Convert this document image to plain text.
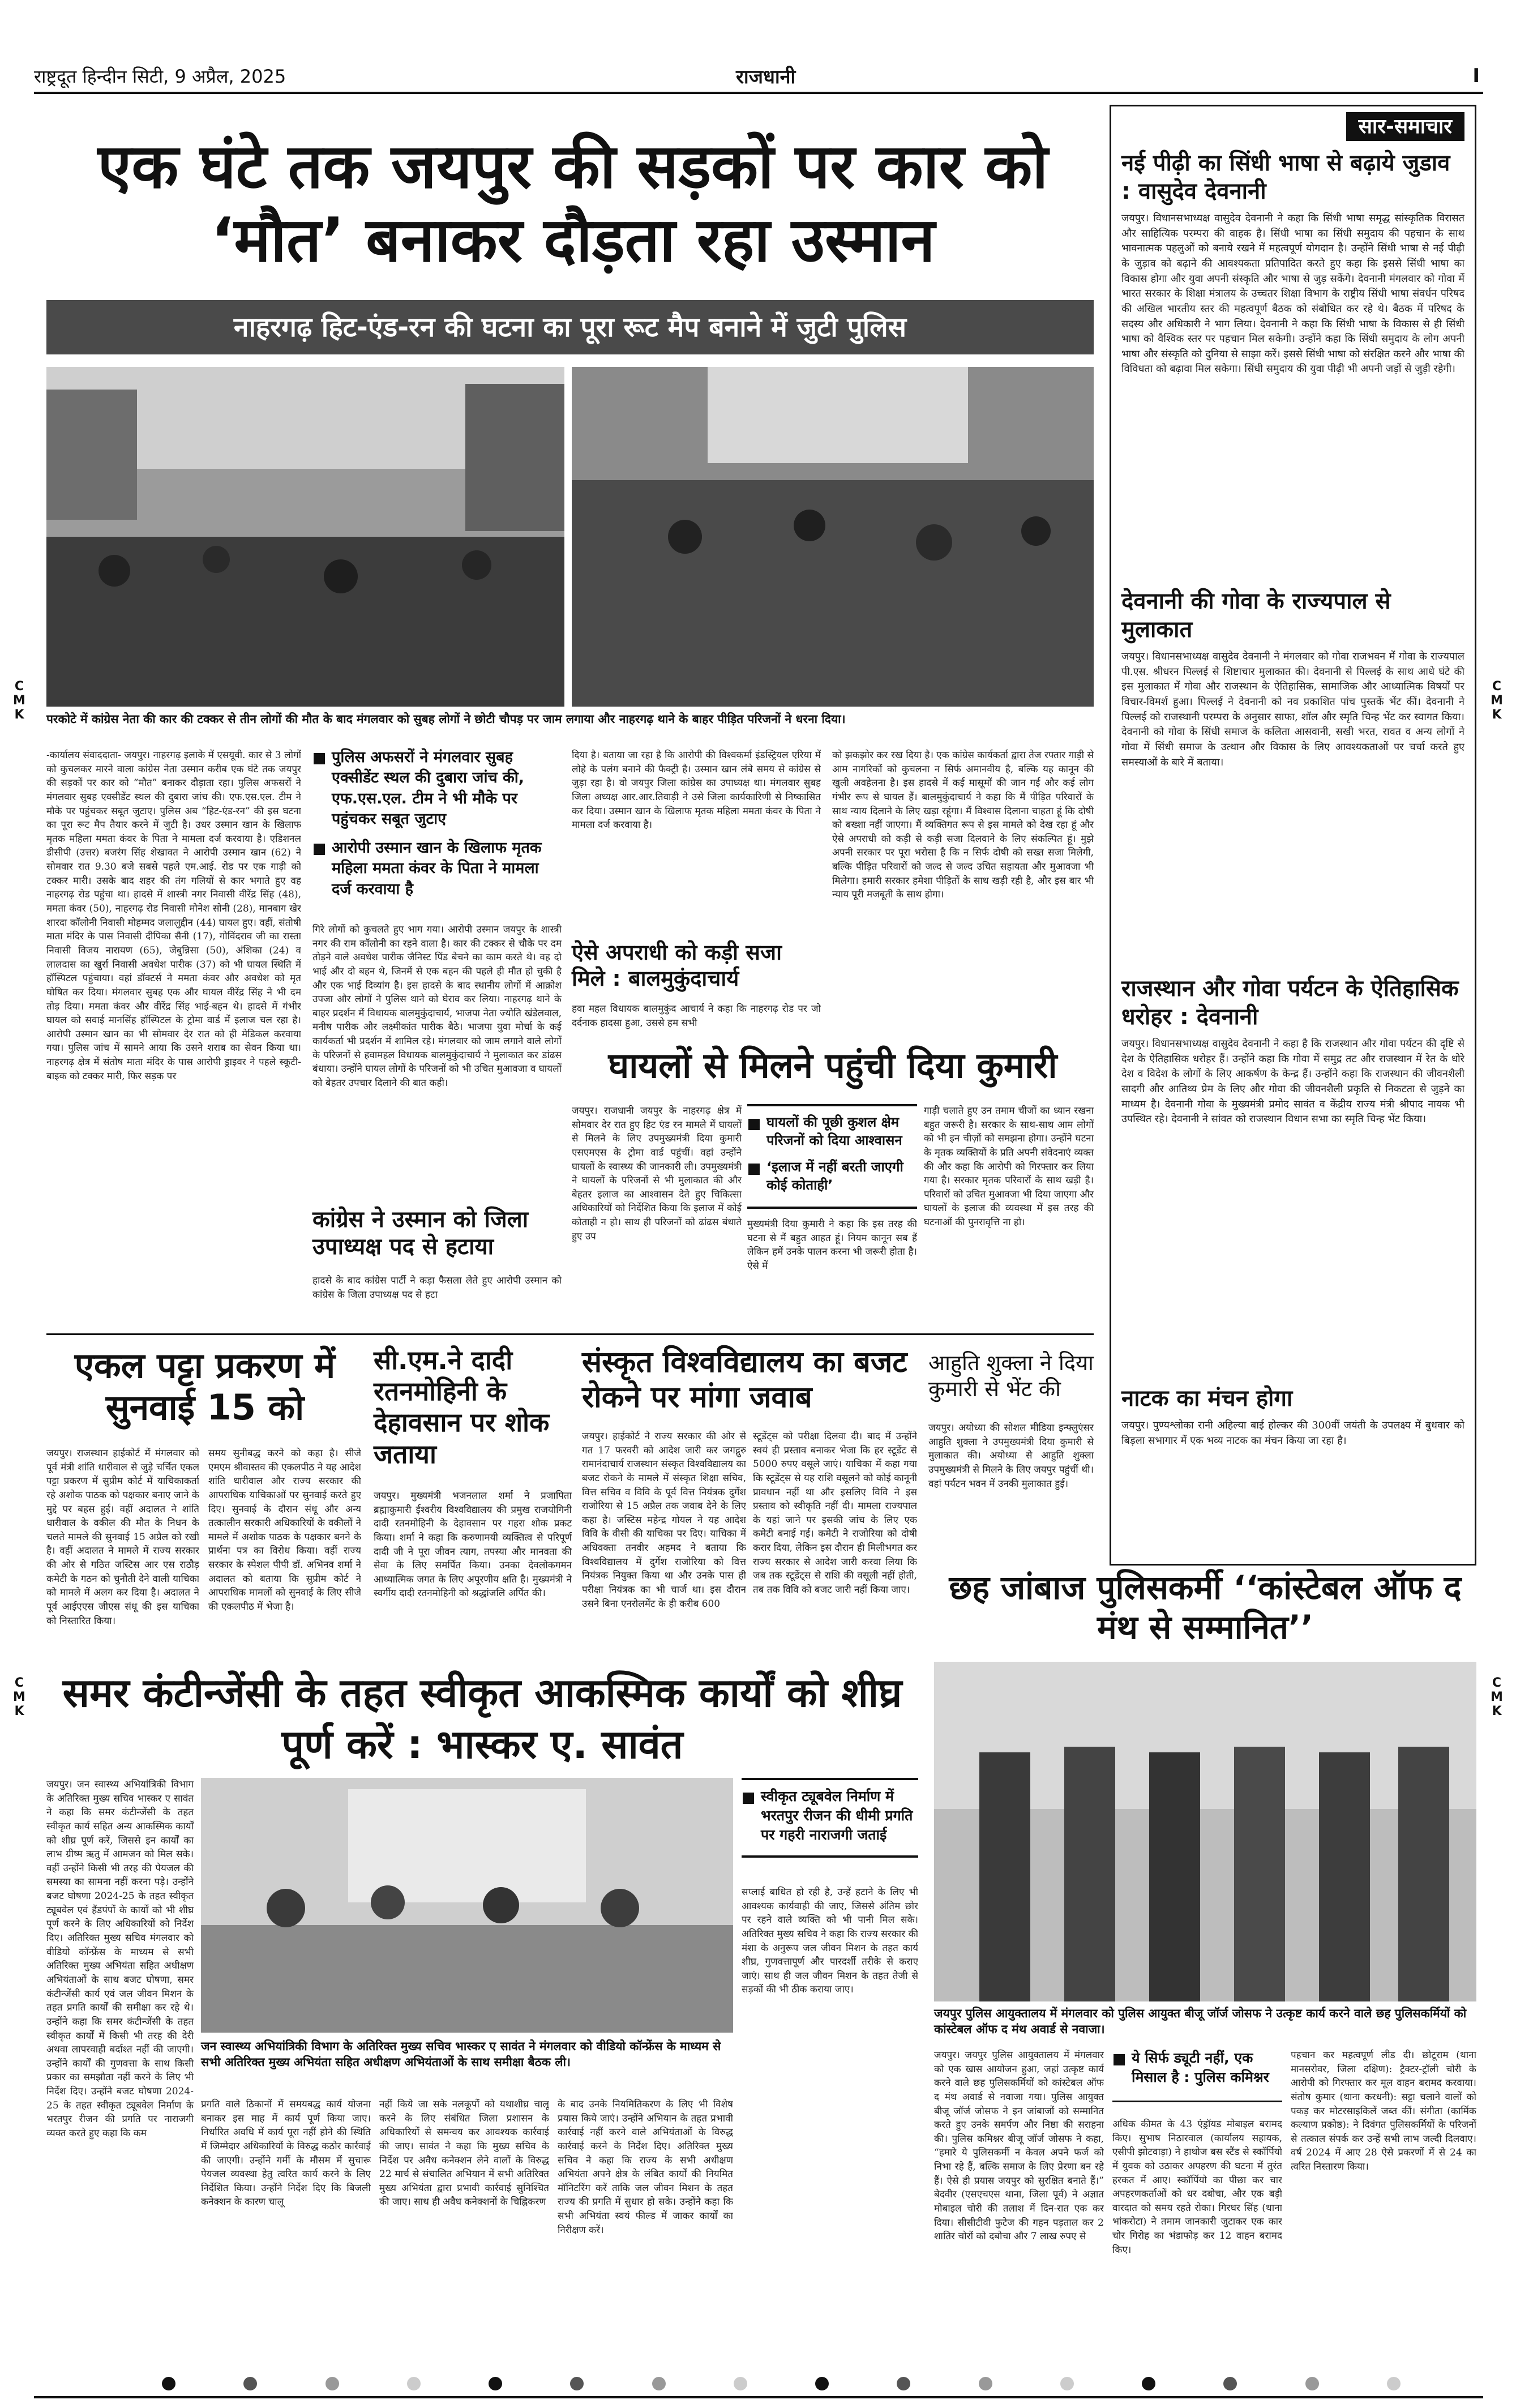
C
M
K
C
M
K
C
M
K
C
M
K
राष्ट्रदूत हिन्दीन सिटी, 9 अप्रैल, 2025	राजधानी	I
एक घंटे तक जयपुर की सड़कों पर कार को ‘मौत’ बनाकर दौड़ता रहा उस्मान
नाहरगढ़ हिट-एंड-रन की घटना का पूरा रूट मैप बनाने में जुटी पुलिस
परकोटे में कांग्रेस नेता की कार की टक्कर से तीन लोगों की मौत के बाद मंगलवार को सुबह लोगों ने छोटी चौपड़ पर जाम लगाया और नाहरगढ़ थाने के बाहर पीड़ित परिजनों ने धरना दिया।
-कार्यालय संवाददाता- जयपुर। नाहरगढ़ इलाके में एसयूवी. कार से 3 लोगों को कुचलकर मारने वाला कांग्रेस नेता उस्मान करीब एक घंटे तक जयपुर की सड़कों पर कार को “मौत” बनाकर दौड़ाता रहा। पुलिस अफसरों ने मंगलवार सुबह एक्सीडेंट स्थल की दुबारा जांच की। एफ.एस.एल. टीम ने मौके पर पहुंचकर सबूत जुटाए। पुलिस अब “हिट-एंड-रन” की इस घटना का पूरा रूट मैप तैयार करने में जुटी है। उधर उस्मान खान के खिलाफ मृतक महिला ममता कंवर के पिता ने मामला दर्ज करवाया है। एडिशनल डीसीपी (उत्तर) बजरंग सिंह शेखावत ने आरोपी उस्मान खान (62) ने सोमवार रात 9.30 बजे सबसे पहले एम.आई. रोड पर एक गाड़ी को टक्कर मारी। उसके बाद शहर की तंग गलियों से कार भगाते हुए वह नाहरगढ़ रोड पहुंचा था। हादसे में शास्त्री नगर निवासी वीरेंद्र सिंह (48), ममता कंवर (50), नाहरगढ़ रोड निवासी मोनेश सोनी (28), मानबाग खेर शारदा कॉलोनी निवासी मोहम्मद जलालुद्दीन (44) घायल हुए। वहीं, संतोषी माता मंदिर के पास निवासी दीपिका सैनी (17), गोविंदराव जी का रास्ता निवासी विजय नारायण (65), जेबुन्निसा (50), अंशिका (24) व लालदास का खुर्रा निवासी अवधेश पारीक (37) को भी घायल स्थिति में हॉस्पिटल पहुंचाया। वहां डॉक्टर्स ने ममता कंवर और अवधेश को मृत घोषित कर दिया। मंगलवार सुबह एक और घायल वीरेंद्र सिंह ने भी दम तोड़ दिया। ममता कंवर और वीरेंद्र सिंह भाई-बहन थे। हादसे में गंभीर घायल को सवाई मानसिंह हॉस्पिटल के ट्रोमा वार्ड में इलाज चल रहा है। आरोपी उस्मान खान का भी सोमवार देर रात को ही मेडिकल करवाया गया। पुलिस जांच में सामने आया कि उसने शराब का सेवन किया था। नाहरगढ़ क्षेत्र में संतोष माता मंदिर के पास आरोपी ड्राइवर ने पहले स्कूटी-बाइक को टक्कर मारी, फिर सड़क पर
पुलिस अफसरों ने मंगलवार सुबह एक्सीडेंट स्थल की दुबारा जांच की, एफ.एस.एल. टीम ने भी मौके पर पहुंचकर सबूत जुटाए
आरोपी उस्मान खान के खिलाफ मृतक महिला ममता कंवर के पिता ने मामला दर्ज करवाया है
गिरे लोगों को कुचलते हुए भाग गया। आरोपी उस्मान जयपुर के शास्त्री नगर की राम कॉलोनी का रहने वाला है। कार की टक्कर से चौके पर दम तोड़ने वाले अवधेश पारीक जैनिस्ट पिंड बेचने का काम करते थे। वह दो भाई और दो बहन थे, जिनमें से एक बहन की पहले ही मौत हो चुकी है और एक भाई दिव्यांग है। इस हादसे के बाद स्थानीय लोगों में आक्रोश उपजा और लोगों ने पुलिस थाने को घेराव कर लिया। नाहरगढ़ थाने के बाहर प्रदर्शन में विधायक बालमुकुंदाचार्य, भाजपा नेता ज्योति खंडेलवाल, मनीष पारीक और लक्ष्मीकांत पारीक बैठे। भाजपा युवा मोर्चा के कई कार्यकर्ता भी प्रदर्शन में शामिल रहे। मंगलवार को जाम लगाने वाले लोगों के परिजनों से हवामहल विधायक बालमुकुंदाचार्य ने मुलाकात कर डांढस बंधाया। उन्होंने घायल लोगों के परिजनों को भी उचित मुआवजा व घायलों को बेहतर उपचार दिलाने की बात कही।
कांग्रेस ने उस्मान को जिला उपाध्यक्ष पद से हटाया
हादसे के बाद कांग्रेस पार्टी ने कड़ा फैसला लेते हुए आरोपी उस्मान को कांग्रेस के जिला उपाध्यक्ष पद से हटा
दिया है। बताया जा रहा है कि आरोपी की विश्वकर्मा इंडस्ट्रियल एरिया में लोहे के पलंग बनाने की फैक्ट्री है। उस्मान खान लंबे समय से कांग्रेस से जुड़ा रहा है। वो जयपुर जिला कांग्रेस का उपाध्यक्ष था। मंगलवार सुबह जिला अध्यक्ष आर.आर.तिवाड़ी ने उसे जिला कार्यकारिणी से निष्कासित कर दिया। उस्मान खान के खिलाफ मृतक महिला ममता कंवर के पिता ने मामला दर्ज करवाया है।
ऐसे अपराधी को कड़ी सजा मिले : बालमुकुंदाचार्य
हवा महल विधायक बालमुकुंद आचार्य ने कहा कि नाहरगढ़ रोड पर जो दर्दनाक हादसा हुआ, उससे हम सभी
को झकझोर कर रख दिया है। एक कांग्रेस कार्यकर्ता द्वारा तेज रफ्तार गाड़ी से आम नागरिकों को कुचलना न सिर्फ अमानवीय है, बल्कि यह कानून की खुली अवहेलना है। इस हादसे में कई मासूमों की जान गई और कई लोग गंभीर रूप से घायल हैं। बालमुकुंदाचार्य ने कहा कि मैं पीड़ित परिवारों के साथ न्याय दिलाने के लिए खड़ा रहूंगा। मैं विश्वास दिलाना चाहता हूं कि दोषी को बख्शा नहीं जाएगा। मैं व्यक्तिगत रूप से इस मामले को देख रहा हूं और ऐसे अपराधी को कड़ी से कड़ी सजा दिलवाने के लिए संकल्पित हूं। मुझे अपनी सरकार पर पूरा भरोसा है कि न सिर्फ दोषी को सख्त सजा मिलेगी, बल्कि पीड़ित परिवारों को जल्द से जल्द उचित सहायता और मुआवजा भी मिलेगा। हमारी सरकार हमेशा पीड़ितों के साथ खड़ी रही है, और इस बार भी न्याय पूरी मजबूती के साथ होगा।
घायलों से मिलने पहुंची दिया कुमारी
जयपुर। राजधानी जयपुर के नाहरगढ़ क्षेत्र में सोमवार देर रात हुए हिट एंड रन मामले में घायलों से मिलने के लिए उपमुख्यमंत्री दिया कुमारी एसएमएस के ट्रोमा वार्ड पहुंचीं। वहां उन्होंने घायलों के स्वास्थ्य की जानकारी ली। उपमुख्यमंत्री ने घायलों के परिजनों से भी मुलाकात की और बेहतर इलाज का आश्वासन देते हुए चिकित्सा अधिकारियों को निर्देशित किया कि इलाज में कोई कोताही न हो। साथ ही परिजनों को ढांढस बंधाते हुए उप
घायलों की पूछी कुशल क्षेम परिजनों को दिया आश्वासन
‘इलाज में नहीं बरती जाएगी कोई कोताही’
मुख्यमंत्री दिया कुमारी ने कहा कि इस तरह की घटना से मैं बहुत आहत हूं। नियम कानून सब हैं लेकिन हमें उनके पालन करना भी जरूरी होता है।ऐसे में
गाड़ी चलाते हुए उन तमाम चीजों का ध्यान रखना बहुत जरूरी है। सरकार के साथ-साथ आम लोगों को भी इन चीज़ों को समझना होगा। उन्होंने घटना के मृतक व्यक्तियों के प्रति अपनी संवेदनाएं व्यक्त की और कहा कि आरोपी को गिरफ्तार कर लिया गया है। सरकार मृतक परिवारों के साथ खड़ी है। परिवारों को उचित मुआवजा भी दिया जाएगा और घायलों के इलाज की व्यवस्था में इस तरह की घटनाओं की पुनरावृत्ति ना हो।
एकल पट्टा प्रकरण में सुनवाई 15 को
जयपुर। राजस्थान हाईकोर्ट में मंगलवार को पूर्व मंत्री शांति धारीवाल से जुड़े चर्चित एकल पट्टा प्रकरण में सुप्रीम कोर्ट में याचिकाकर्ता रहे अशोक पाठक को पक्षकार बनाए जाने के मुद्दे पर बहस हुई। वहीं अदालत ने शांति धारीवाल के वकील की मौत के निधन के चलते मामले की सुनवाई 15 अप्रैल को रखी है। वहीं अदालत ने मामले में राज्य सरकार की ओर से गठित जस्टिस आर एस राठौड़ कमेटी के गठन को चुनौती देने वाली याचिका को मामले में अलग कर दिया है। अदालत ने पूर्व आईएएस जीएस संधू की इस याचिका को निस्तारित किया।
समय सुनीबद्ध करने को कहा है। सीजे एमएम श्रीवास्तव की एकलपीठ ने यह आदेश शांति धारीवाल और राज्य सरकार की आपराधिक याचिकाओं पर सुनवाई करते हुए दिए। सुनवाई के दौरान संधू और अन्य तत्कालीन सरकारी अधिकारियों के वकीलों ने मामले में अशोक पाठक के पक्षकार बनने के प्रार्थना पत्र का विरोध किया। वहीं राज्य सरकार के स्पेशल पीपी डॉ. अभिनव शर्मा ने अदालत को बताया कि सुप्रीम कोर्ट ने आपराधिक मामलों को सुनवाई के लिए सीजे की एकलपीठ में भेजा है।
सी.एम.ने दादी रतनमोहिनी के देहावसान पर शोक जताया
जयपुर। मुख्यमंत्री भजनलाल शर्मा ने प्रजापिता ब्रह्माकुमारी ईश्वरीय विश्वविद्यालय की प्रमुख राजयोगिनी दादी रतनमोहिनी के देहावसान पर गहरा शोक प्रकट किया। शर्मा ने कहा कि करुणामयी व्यक्तित्व से परिपूर्ण दादी जी ने पूरा जीवन त्याग, तपस्या और मानवता की सेवा के लिए समर्पित किया। उनका देवलोकगमन आध्यात्मिक जगत के लिए अपूरणीय क्षति है। मुख्यमंत्री ने स्वर्गीय दादी रतनमोहिनी को श्रद्धांजलि अर्पित की।
संस्कृत विश्वविद्यालय का बजट रोकने पर मांगा जवाब
जयपुर। हाईकोर्ट ने राज्य सरकार की ओर से गत 17 फरवरी को आदेश जारी कर जगद्गुरु रामानंदाचार्य राजस्थान संस्कृत विश्वविद्यालय का बजट रोकने के मामले में संस्कृत शिक्षा सचिव, वित्त सचिव व विवि के पूर्व वित्त नियंत्रक दुर्गेश राजोरिया से 15 अप्रैल तक जवाब देने के लिए कहा है। जस्टिस महेन्द्र गोयल ने यह आदेश विवि के वीसी की याचिका पर दिए। याचिका में अधिवक्ता तनवीर अहमद ने बताया कि विश्वविद्यालय में दुर्गेश राजोरिया को वित्त नियंत्रक नियुक्त किया था और उनके पास ही परीक्षा नियंत्रक का भी चार्ज था। इस दौरान उसने बिना एनरोलमेंट के ही करीब 600
स्टूडेंट्स को परीक्षा दिलवा दी। बाद में उन्होंने स्वयं ही प्रस्ताव बनाकर भेजा कि हर स्टूडेंट से 5000 रुपए वसूले जाएं। याचिका में कहा गया कि स्टूडेंट्स से यह राशि वसूलने को कोई कानूनी प्रावधान नहीं था और इसलिए विवि ने इस प्रस्ताव को स्वीकृति नहीं दी। मामला राज्यपाल के यहां जाने पर इसकी जांच के लिए एक कमेटी बनाई गई। कमेटी ने राजोरिया को दोषी करार दिया, लेकिन इस दौरान ही मिलीभगत कर राज्य सरकार से आदेश जारी करवा लिया कि जब तक स्टूडेंट्स से राशि की वसूली नहीं होती, तब तक विवि को बजट जारी नहीं किया जाए।
आहुति शुक्ला ने दिया कुमारी से भेंट की
जयपुर। अयोध्या की सोशल मीडिया इन्फ्लुएंसर आहुति शुक्ला ने उपमुख्यमंत्री दिया कुमारी से मुलाकात की। अयोध्या से आहुति शुक्ला उपमुख्यमंत्री से मिलने के लिए जयपुर पहुंचीं थी। वहां पर्यटन भवन में उनकी मुलाकात हुई।
सार-समाचार
नई पीढ़ी का सिंधी भाषा से बढ़ाये जुडाव : वासुदेव देवनानी
जयपुर। विधानसभाध्यक्ष वासुदेव देवनानी ने कहा कि सिंधी भाषा समृद्ध सांस्कृतिक विरासत और साहित्यिक परम्परा की वाहक है। सिंधी भाषा का सिंधी समुदाय की पहचान के साथ भावनात्मक पहलुओं को बनाये रखने में महत्वपूर्ण योगदान है। उन्होंने सिंधी भाषा से नई पीढ़ी के जुड़ाव को बढ़ाने की आवश्यकता प्रतिपादित करते हुए कहा कि इससे सिंधी भाषा का विकास होगा और युवा अपनी संस्कृति और भाषा से जुड़ सकेंगे। देवनानी मंगलवार को गोवा में भारत सरकार के शिक्षा मंत्रालय के उच्चतर शिक्षा विभाग के राष्ट्रीय सिंधी भाषा संवर्धन परिषद की अखिल भारतीय स्तर की महत्वपूर्ण बैठक को संबोधित कर रहे थे। बैठक में परिषद के सदस्य और अधिकारी ने भाग लिया। देवनानी ने कहा कि सिंधी भाषा के विकास से ही सिंधी भाषा को वैश्विक स्तर पर पहचान मिल सकेगी। उन्होंने कहा कि सिंधी समुदाय के लोग अपनी भाषा और संस्कृति को दुनिया से साझा करें। इससे सिंधी भाषा को संरक्षित करने और भाषा की विविधता को बढ़ावा मिल सकेगा। सिंधी समुदाय की युवा पीढ़ी भी अपनी जड़ों से जुड़ी रहेगी।
देवनानी की गोवा के राज्यपाल से मुलाकात
जयपुर। विधानसभाध्यक्ष वासुदेव देवनानी ने मंगलवार को गोवा राजभवन में गोवा के राज्यपाल पी.एस. श्रीधरन पिल्लई से शिष्टाचार मुलाकात की। देवनानी से पिल्लई के साथ आधे घंटे की इस मुलाकात में गोवा और राजस्थान के ऐतिहासिक, सामाजिक और आध्यात्मिक विषयों पर विचार-विमर्श हुआ। पिल्लई ने देवनानी को नव प्रकाशित पांच पुस्तकें भेंट कीं। देवनानी ने पिल्लई को राजस्थानी परम्परा के अनुसार साफा, शॉल और स्मृति चिन्ह भेंट कर स्वागत किया। देवनानी को गोवा के सिंधी समाज के कलिता आसवानी, सखी भरत, रावत व अन्य लोगों ने गोवा में सिंधी समाज के उत्थान और विकास के लिए आवश्यकताओं पर चर्चा करते हुए समस्याओं के बारे में बताया।
राजस्थान और गोवा पर्यटन के ऐतिहासिक धरोहर : देवनानी
जयपुर। विधानसभाध्यक्ष वासुदेव देवनानी ने कहा है कि राजस्थान और गोवा पर्यटन की दृष्टि से देश के ऐतिहासिक धरोहर हैं। उन्होंने कहा कि गोवा में समुद्र तट और राजस्थान में रेत के धोरे देश व विदेश के लोगों के लिए आकर्षण के केन्द्र हैं। उन्होंने कहा कि राजस्थान की जीवनशैली सादगी और आतिथ्य प्रेम के लिए और गोवा की जीवनशैली प्रकृति से निकटता से जुड़ने का माध्यम है। देवनानी गोवा के मुख्यमंत्री प्रमोद सावंत व केंद्रीय राज्य मंत्री श्रीपाद नायक भी उपस्थित रहे। देवनानी ने सांवत को राजस्थान विधान सभा का स्मृति चिन्ह भेंट किया।
नाटक का मंचन होगा
जयपुर। पुण्यश्लोका रानी अहिल्या बाई होल्कर की 300वीं जयंती के उपलक्ष्य में बुधवार को बिड़ला सभागार में एक भव्य नाटक का मंचन किया जा रहा है।
छह जांबाज पुलिसकर्मी ‘‘कांस्टेबल ऑफ द मंथ से सम्मानित’’
जयपुर पुलिस आयुक्तालय में मंगलवार को पुलिस आयुक्त बीजू जॉर्ज जोसफ ने उत्कृष्ट कार्य करने वाले छह पुलिसकर्मियों को कांस्टेबल ऑफ द मंथ अवार्ड से नवाजा।
जयपुर। जयपुर पुलिस आयुक्तालय में मंगलवार को एक खास आयोजन हुआ, जहां उत्कृष्ट कार्य करने वाले छह पुलिसकर्मियों को कांस्टेबल ऑफ द मंथ अवार्ड से नवाजा गया। पुलिस आयुक्त बीजू जॉर्ज जोसफ ने इन जांबाजों को सम्मानित करते हुए उनके समर्पण और निष्ठा की सराहना की। पुलिस कमिश्नर बीजू जॉर्ज जोसफ ने कहा, “हमारे ये पुलिसकर्मी न केवल अपने फर्ज को निभा रहे हैं, बल्कि समाज के लिए प्रेरणा बन रहे हैं। ऐसे ही प्रयास जयपुर को सुरक्षित बनाते हैं।” बेदवीर (एसएचएस थाना, जिला पूर्व) ने अज्ञात मोबाइल चोरी की तलाश में दिन-रात एक कर दिया। सीसीटीवी फुटेज की गहन पड़ताल कर 2 शातिर चोरों को दबोचा और 7 लाख रुपए से
ये सिर्फ ड्यूटी नहीं, एक मिसाल है : पुलिस कमिश्नर
अधिक कीमत के 43 एंड्रॉयड मोबाइल बरामद किए। सुभाष निठारवाल (कार्यालय सहायक, एसीपी झोटवाड़ा) ने हाथोज बस स्टैंड से स्कॉर्पियो में युवक को उठाकर अपहरण की घटना में तुरंत हरकत में आए। स्कॉर्पियो का पीछा कर चार अपहरणकर्ताओं को धर दबोचा, और एक बड़ी वारदात को समय रहते रोका। गिरधर सिंह (थाना भांकरोटा) ने तमाम जानकारी जुटाकर एक कार चोर गिरोह का भंडाफोड़ कर 12 वाहन बरामद किए।
पहचान कर महत्वपूर्ण लीड दी। छोटूराम (थाना मानसरोवर, जिला दक्षिण): ट्रैक्टर-ट्रॉली चोरी के आरोपी को गिरफ्तार कर मूल वाहन बरामद करवाया। संतोष कुमार (थाना करधनी): सट्टा चलाने वालों को पकड़ कर मोटरसाइकिलें जब्त कीं। संगीता (कार्मिक कल्याण प्रकोष्ठ): ने दिवंगत पुलिसकर्मियों के परिजनों से तत्काल संपर्क कर उन्हें सभी लाभ जल्दी दिलवाए। वर्ष 2024 में आए 28 ऐसे प्रकरणों में से 24 का त्वरित निस्तारण किया।
समर कंटीन्जेंसी के तहत स्वीकृत आकस्मिक कार्यों को शीघ्र पूर्ण करें : भास्कर ए. सावंत
जयपुर। जन स्वास्थ्य अभियांत्रिकी विभाग के अतिरिक्त मुख्य सचिव भास्कर ए सावंत ने कहा कि समर कंटीन्जेंसी के तहत स्वीकृत कार्य सहित अन्य आकस्मिक कार्यों को शीघ्र पूर्ण करें, जिससे इन कार्यों का लाभ ग्रीष्म ऋतु में आमजन को मिल सके। वहीं उन्होंने किसी भी तरह की पेयजल की समस्या का सामना नहीं करना पड़े। उन्होंने बजट घोषणा 2024-25 के तहत स्वीकृत ट्यूबवेल एवं हैंडपंपों के कार्यों को भी शीघ्र पूर्ण करने के लिए अधिकारियों को निर्देश दिए। अतिरिक्त मुख्य सचिव मंगलवार को वीडियो कॉन्फ्रेंस के माध्यम से सभी अतिरिक्त मुख्य अभियंता सहित अधीक्षण अभियंताओं के साथ बजट घोषणा, समर कंटीन्जेंसी कार्य एवं जल जीवन मिशन के तहत प्रगति कार्यों की समीक्षा कर रहे थे। उन्होंने कहा कि समर कंटीन्जेंसी के तहत स्वीकृत कार्यों में किसी भी तरह की देरी अथवा लापरवाही बर्दाश्त नहीं की जाएगी। उन्होंने कार्यों की गुणवत्ता के साथ किसी प्रकार का समझौता नहीं करने के लिए भी निर्देश दिए। उन्होंने बजट घोषणा 2024-25 के तहत स्वीकृत ट्यूबवेल निर्माण के भरतपुर रीजन की प्रगति पर नाराजगी व्यक्त करते हुए कहा कि कम
जन स्वास्थ्य अभियांत्रिकी विभाग के अतिरिक्त मुख्य सचिव भास्कर ए सावंत ने मंगलवार को वीडियो कॉन्फ्रेंस के माध्यम से सभी अतिरिक्त मुख्य अभियंता सहित अधीक्षण अभियंताओं के साथ समीक्षा बैठक ली।
स्वीकृत ट्यूबवेल निर्माण में भरतपुर रीजन की धीमी प्रगति पर गहरी नाराजगी जताई
सप्लाई बाधित हो रही है, उन्हें हटाने के लिए भी आवश्यक कार्यवाही की जाए, जिससे अंतिम छोर पर रहने वाले व्यक्ति को भी पानी मिल सके। अतिरिक्त मुख्य सचिव ने कहा कि राज्य सरकार की मंशा के अनुरूप जल जीवन मिशन के तहत कार्य शीघ्र, गुणवत्तापूर्ण और पारदर्शी तरीके से कराए जाएं। साथ ही जल जीवन मिशन के तहत तेजी से सड़कों की भी ठीक कराया जाए।
प्रगति वाले ठिकानों में समयबद्ध कार्य योजना बनाकर इस माह में कार्य पूर्ण किया जाए। निर्धारित अवधि में कार्य पूरा नहीं होने की स्थिति में जिम्मेदार अधिकारियों के विरुद्ध कठोर कार्रवाई की जाएगी। उन्होंने गर्मी के मौसम में सुचारू पेयजल व्यवस्था हेतु त्वरित कार्य करने के लिए निर्देशित किया। उन्होंने निर्देश दिए कि बिजली कनेक्शन के कारण चालू
नहीं किये जा सके नलकूपों को यथाशीघ्र चालू करने के लिए संबंधित जिला प्रशासन के अधिकारियों से समन्वय कर आवश्यक कार्रवाई की जाए। सावंत ने कहा कि मुख्य सचिव के निर्देश पर अवैध कनेक्शन लेने वालों के विरुद्ध 22 मार्च से संचालित अभियान में सभी अतिरिक्त मुख्य अभियंता द्वारा प्रभावी कार्रवाई सुनिश्चित की जाए। साथ ही अवैध कनेक्शनों के चिह्निकरण
के बाद उनके नियमितिकरण के लिए भी विशेष प्रयास किये जाएं। उन्होंने अभियान के तहत प्रभावी कार्रवाई नहीं करने वाले अभियंताओं के विरुद्ध कार्रवाई करने के निर्देश दिए। अतिरिक्त मुख्य सचिव ने कहा कि राज्य के सभी अधीक्षण अभियंता अपने क्षेत्र के लंबित कार्यों की नियमित मॉनिटरिंग करें ताकि जल जीवन मिशन के तहत राज्य की प्रगति में सुधार हो सके। उन्होंने कहा कि सभी अभियंता स्वयं फील्ड में जाकर कार्यों का निरीक्षण करें।
